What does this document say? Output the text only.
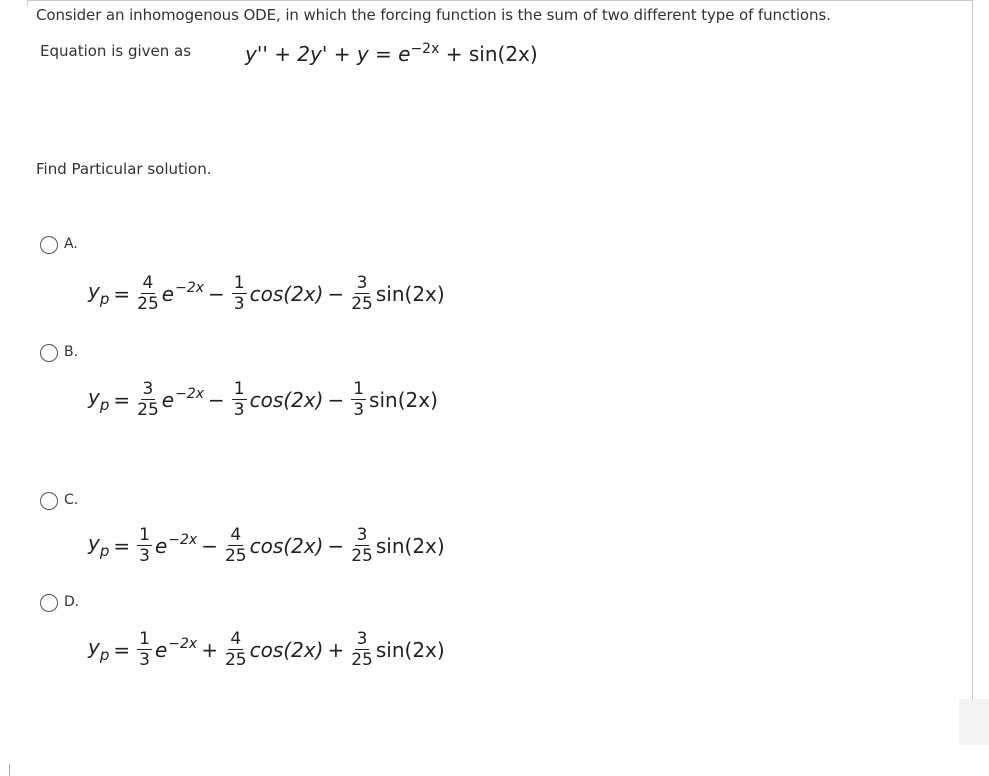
Consider an inhomogenous ODE, in which the forcing function is the sum of two different type of functions.
Equation is given as	$y'' + 2y' + y = e^{-2x} + \sin(2x)$
Find Particular solution.
A.
$y_p = \frac{4}{25} e^{-2x} - \frac{1}{3} \cos(2x) - \frac{3}{25} \sin(2x)$
B.
$y_p = \frac{3}{25} e^{-2x} - \frac{1}{3} \cos(2x) - \frac{1}{3} \sin(2x)$
C.
$y_p = \frac{1}{3} e^{-2x} - \frac{4}{25} \cos(2x) - \frac{3}{25} \sin(2x)$
D.
$y_p = \frac{1}{3} e^{-2x} + \frac{4}{25} \cos(2x) + \frac{3}{25} \sin(2x)$
